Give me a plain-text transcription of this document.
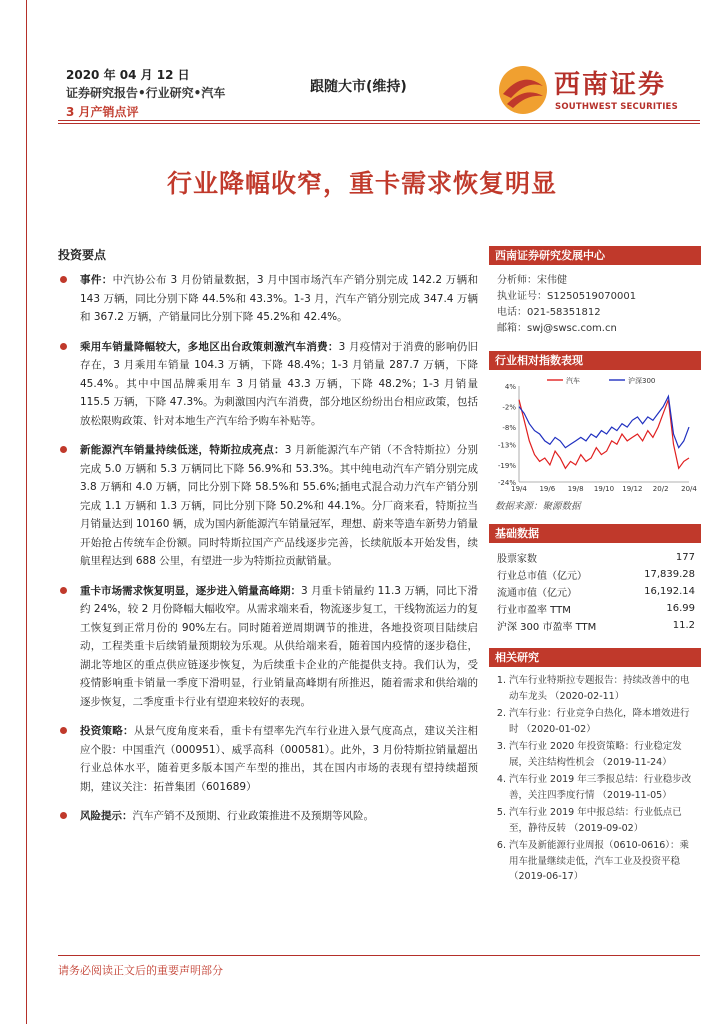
2020 年 04 月 12 日
证券研究报告•行业研究•汽车
3 月产销点评
跟随大市(维持)	西南证券
SOUTHWEST SECURITIES
行业降幅收窄，重卡需求恢复明显
投资要点
事件：中汽协公布 3 月份销量数据，3 月中国市场汽车产销分别完成 142.2 万辆和 143 万辆，同比分别下降 44.5%和 43.3%。1-3 月，汽车产销分别完成 347.4 万辆和 367.2 万辆，产销量同比分别下降 45.2%和 42.4%。
乘用车销量降幅较大，多地区出台政策刺激汽车消费：3 月疫情对于消费的影响仍旧存在，3 月乘用车销量 104.3 万辆，下降 48.4%；1-3 月销量 287.7 万辆，下降 45.4%。其中中国品牌乘用车 3 月销量 43.3 万辆，下降 48.2%；1-3 月销量 115.5 万辆，下降 47.3%。为刺激国内汽车消费，部分地区纷纷出台相应政策，包括放松限购政策、针对本地生产汽车给予购车补贴等。
新能源汽车销量持续低迷，特斯拉成亮点：3 月新能源汽车产销（不含特斯拉）分别完成 5.0 万辆和 5.3 万辆同比下降 56.9%和 53.3%。其中纯电动汽车产销分别完成 3.8 万辆和 4.0 万辆，同比分别下降 58.5%和 55.6%;插电式混合动力汽车产销分别完成 1.1 万辆和 1.3 万辆，同比分别下降 50.2%和 44.1%。分厂商来看，特斯拉当月销量达到 10160 辆，成为国内新能源汽车销量冠军，理想、蔚来等造车新势力销量开始抢占传统车企份额。同时特斯拉国产产品线逐步完善，长续航版本开始发售，续航里程达到 688 公里，有望进一步为特斯拉贡献销量。
重卡市场需求恢复明显，逐步进入销量高峰期：3 月重卡销量约 11.3 万辆，同比下滑约 24%，较 2 月份降幅大幅收窄。从需求端来看，物流逐步复工，干线物流运力的复工恢复到正常月份的 90%左右。同时随着逆周期调节的推进，各地投资项目陆续启动，工程类重卡后续销量预期较为乐观。从供给端来看，随着国内疫情的逐步稳住，湖北等地区的重点供应链逐步恢复，为后续重卡企业的产能提供支持。我们认为，受疫情影响重卡销量一季度下滑明显，行业销量高峰期有所推迟，随着需求和供给端的逐步恢复，二季度重卡行业有望迎来较好的表现。
投资策略：从景气度角度来看，重卡有望率先汽车行业进入景气度高点，建议关注相应个股：中国重汽（000951）、威孚高科（000581）。此外，3 月份特斯拉销量超出行业总体水平，随着更多版本国产车型的推出，其在国内市场的表现有望持续超预期，建议关注：拓普集团（601689）
风险提示：汽车产销不及预期、行业政策推进不及预期等风险。
西南证券研究发展中心
分析师：宋伟健
执业证号：S1250519070001
电话：021-58351812
邮箱：swj@swsc.com.cn
行业相对指数表现
4%
-2%
-8%
-13%
-19%
-24%
19/4 19/6 19/8 19/10 19/12 20/2 20/4
汽车	沪深300
数据来源：聚源数据
基础数据
股票家数	177
行业总市值（亿元）	17,839.28
流通市值（亿元）	16,192.14
行业市盈率 TTM	16.99
沪深 300 市盈率 TTM	11.2
相关研究
1. 汽车行业特斯拉专题报告：持续改善中的电动车龙头 （2020-02-11）
2. 汽车行业：行业竞争白热化，降本增效进行时 （2020-01-02）
3. 汽车行业 2020 年投资策略：行业稳定发展，关注结构性机会 （2019-11-24）
4. 汽车行业 2019 年三季报总结：行业稳步改善，关注四季度行情 （2019-11-05）
5. 汽车行业 2019 年中报总结：行业低点已至，静待反转 （2019-09-02）
6. 汽车及新能源行业周报（0610-0616）：乘用车批量继续走低，汽车工业及投资平稳 （2019-06-17）
请务必阅读正文后的重要声明部分
